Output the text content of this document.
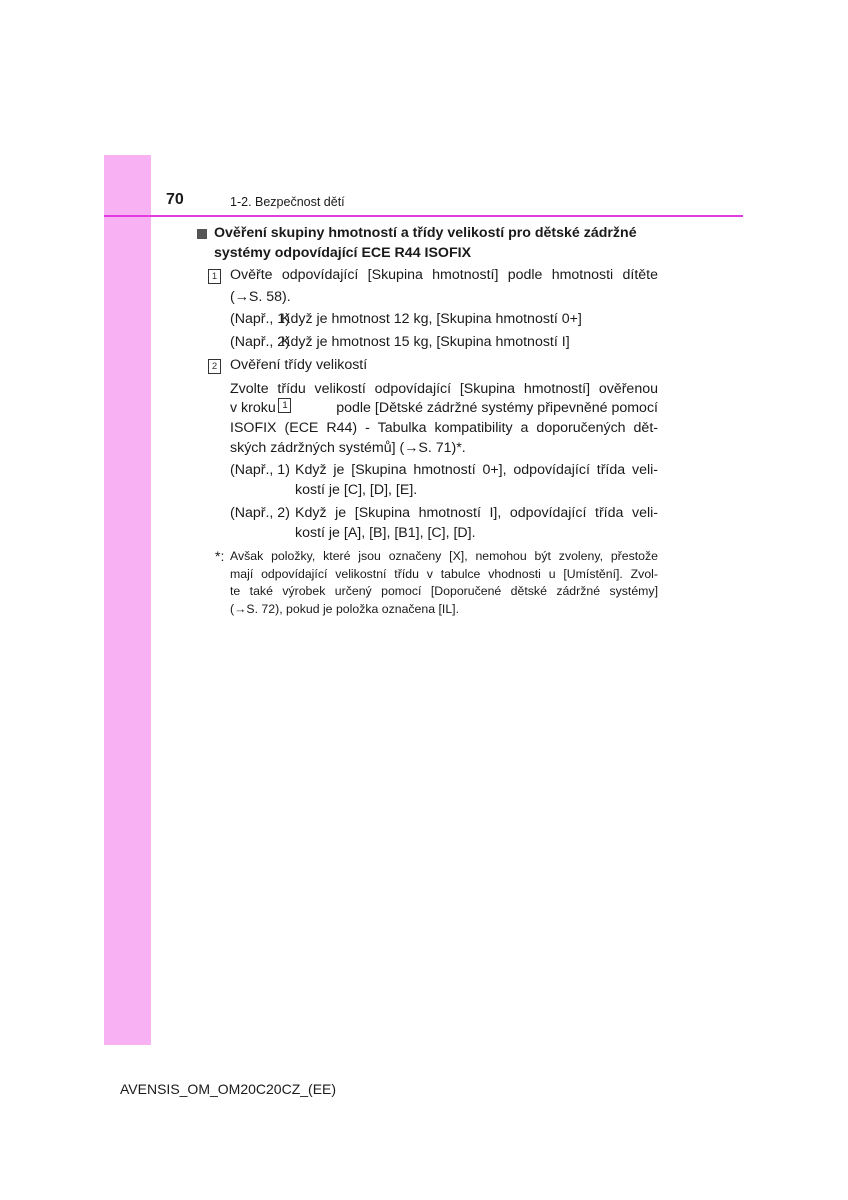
70	1-2. Bezpečnost dětí
Ověření skupiny hmotností a třídy velikostí pro dětské zádržné
systémy odpovídající ECE R44 ISOFIX
1 Ověřte odpovídající [Skupina hmotností] podle hmotnosti dítěte
(→S. 58).
(Např., 1)
Když je hmotnost 12 kg, [Skupina hmotností 0+]
(Např., 2)
Když je hmotnost 15 kg, [Skupina hmotností I]
2 Ověření třídy velikostí
Zvolte třídu velikostí odpovídající [Skupina hmotností] ověřenou
v kroku 1	podle [Dětské zádržné systémy připevněné pomocí
ISOFIX (ECE R44) - Tabulka kompatibility a doporučených dět-
ských zádržných systémů] (→S. 71)*.
(Např., 1) Když je [Skupina hmotností 0+], odpovídající třída veli-
kostí je [C], [D], [E].
(Např., 2) Když je [Skupina hmotností I], odpovídající třída veli-
kostí je [A], [B], [B1], [C], [D].
*: Avšak položky, které jsou označeny [X], nemohou být zvoleny, přestože
mají odpovídající velikostní třídu v tabulce vhodnosti u [Umístění]. Zvol-
te také výrobek určený pomocí [Doporučené dětské zádržné systémy]
(→S. 72), pokud je položka označena [IL].
AVENSIS_OM_OM20C20CZ_(EE)
